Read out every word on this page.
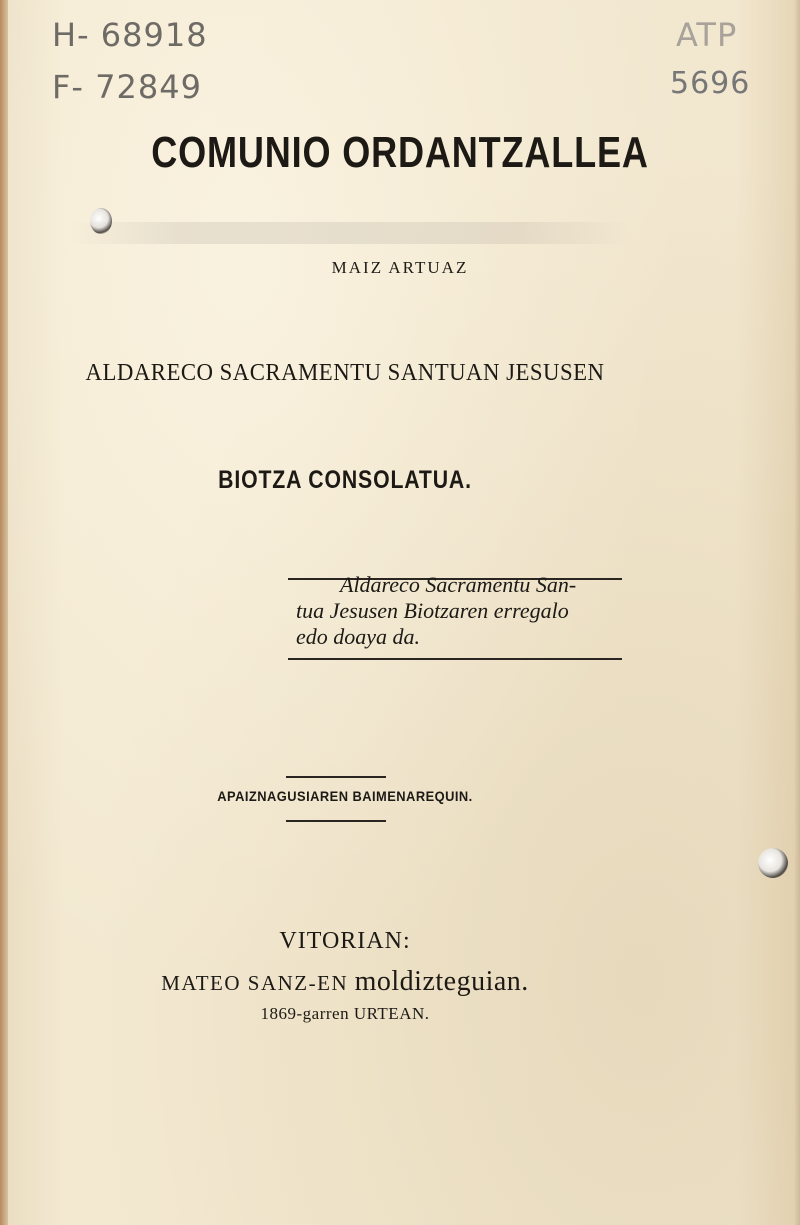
H- 68918
F- 72849
ATP
5696
COMUNIO ORDANTZALLEA
MAIZ ARTUAZ
ALDARECO SACRAMENTU SANTUAN JESUSEN
BIOTZA CONSOLATUA.
Aldareco Sacramentu San-
tua Jesusen Biotzaren erregalo
edo doaya da.
APAIZNAGUSIAREN BAIMENAREQUIN.
VITORIAN:
MATEO SANZ-EN moldizteguian.
1869-garren URTEAN.
